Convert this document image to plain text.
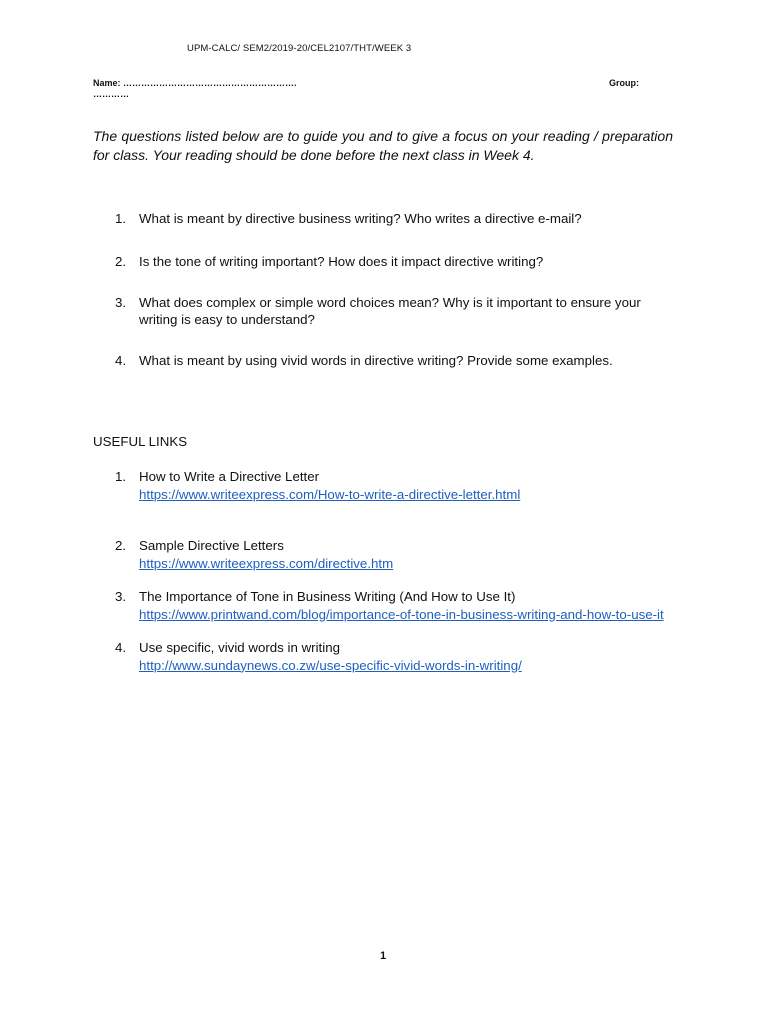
UPM-CALC/ SEM2/2019-20/CEL2107/THT/WEEK 3
Name: ………………………………………………….	Group:
…………
The questions listed below are to guide you and to give a focus on your reading / preparation for class. Your reading should be done before the next class in Week 4.
1. What is meant by directive business writing? Who writes a directive e-mail?
2. Is the tone of writing important? How does it impact directive writing?
3. What does complex or simple word choices mean? Why is it important to ensure your writing is easy to understand?
4. What is meant by using vivid words in directive writing? Provide some examples.
USEFUL LINKS
1. How to Write a Directive Letter
https://www.writeexpress.com/How-to-write-a-directive-letter.html
2. Sample Directive Letters
https://www.writeexpress.com/directive.htm
3. The Importance of Tone in Business Writing (And How to Use It)
https://www.printwand.com/blog/importance-of-tone-in-business-writing-and-how-to-use-it
4. Use specific, vivid words in writing
http://www.sundaynews.co.zw/use-specific-vivid-words-in-writing/
1
